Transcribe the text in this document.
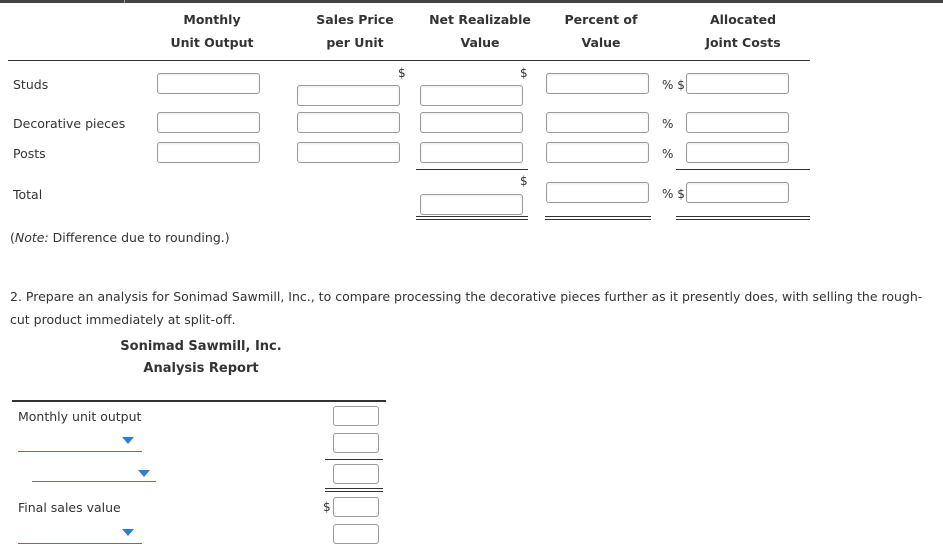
Monthly
Unit Output
Sales Price
per Unit
Net Realizable
Value
Percent of
Value
Allocated
Joint Costs
Studs
Decorative pieces
Posts
Total
$	$
% $
%
%
$
% $
(Note: Difference due to rounding.)
2. Prepare an analysis for Sonimad Sawmill, Inc., to compare processing the decorative pieces further as it presently does, with selling the rough-cut product immediately at split-off.
Sonimad Sawmill, Inc.
Analysis Report
Monthly unit output
Final sales value	$
